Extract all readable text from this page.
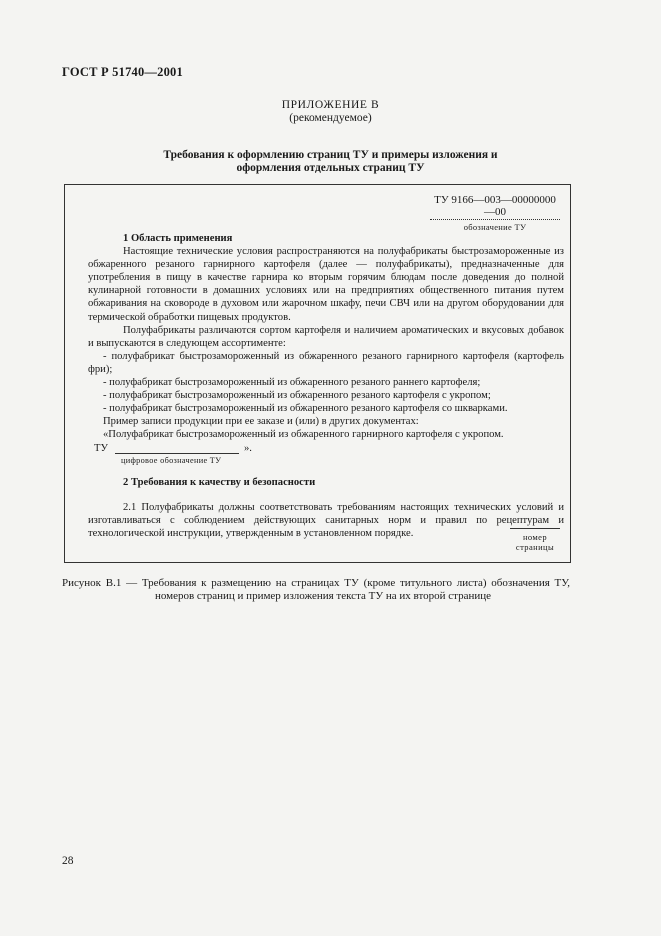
ГОСТ Р 51740—2001
ПРИЛОЖЕНИЕ В
(рекомендуемое)
Требования к оформлению страниц ТУ и примеры изложения и
оформления отдельных страниц ТУ
ТУ 9166—003—00000000—00
обозначение ТУ

1 Область применения

Настоящие технические условия распространяются на полуфабрикаты быстрозамороженные из обжаренного резаного гарнирного картофеля (далее — полуфабрикаты), предназначенные для употребления в пищу в качестве гарнира ко вторым горячим блюдам после доведения до полной кулинарной готовности в домашних условиях или на предприятиях общественного питания путем обжаривания на сковороде в духовом или жарочном шкафу, печи СВЧ или на другом оборудовании для термической обработки пищевых продуктов.

Полуфабрикаты различаются сортом картофеля и наличием ароматических и вкусовых добавок и выпускаются в следующем ассортименте:

- полуфабрикат быстрозамороженный из обжаренного резаного гарнирного картофеля (картофель фри);

- полуфабрикат быстрозамороженный из обжаренного резаного раннего картофеля;

- полуфабрикат быстрозамороженный из обжаренного резаного картофеля с укропом;

- полуфабрикат быстрозамороженный из обжаренного резаного картофеля со шкварками.

Пример записи продукции при ее заказе и (или) в других документах:

«Полуфабрикат быстрозамороженный из обжаренного гарнирного картофеля с укропом.

ТУ	».

цифровое обозначение ТУ

2 Требования к качеству и безопасности

2.1 Полуфабрикаты должны соответствовать требованиям настоящих технических условий и изготавливаться с соблюдением действующих санитарных норм и правил по рецептурам и технологической инструкции, утвержденным в установленном порядке.	номер
страницы
Рисунок В.1 — Требования к размещению на страницах ТУ (кроме титульного листа) обозначения ТУ,
номеров страниц и пример изложения текста ТУ на их второй странице
28
